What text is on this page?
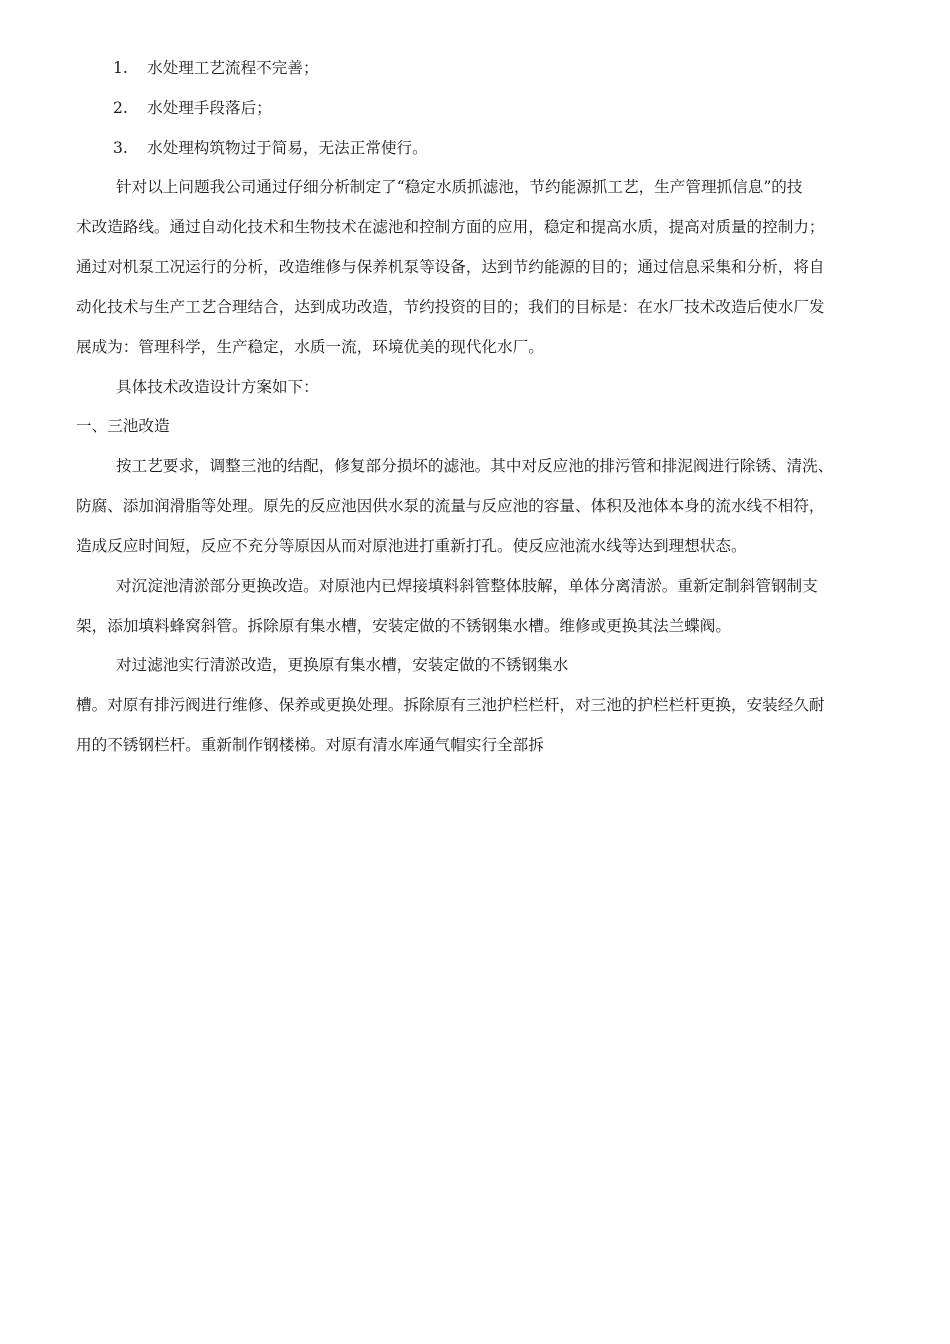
1. 水处理工艺流程不完善；
2. 水处理手段落后；
3. 水处理构筑物过于简易，无法正常使行。
针对以上问题我公司通过仔细分析制定了“稳定水质抓滤池，节约能源抓工艺，生产管理抓信息”的技
术改造路线。通过自动化技术和生物技术在滤池和控制方面的应用，稳定和提高水质，提高对质量的控制力；
通过对机泵工况运行的分析，改造维修与保养机泵等设备，达到节约能源的目的；通过信息采集和分析，将自
动化技术与生产工艺合理结合，达到成功改造，节约投资的目的；我们的目标是：在水厂技术改造后使水厂发
展成为：管理科学，生产稳定，水质一流，环境优美的现代化水厂。
具体技术改造设计方案如下：
一、三池改造
按工艺要求，调整三池的结配，修复部分损坏的滤池。其中对反应池的排污管和排泥阀进行除锈、清洗、
防腐、添加润滑脂等处理。原先的反应池因供水泵的流量与反应池的容量、体积及池体本身的流水线不相符，
造成反应时间短，反应不充分等原因从而对原池进打重新打孔。使反应池流水线等达到理想状态。
对沉淀池清淤部分更换改造。对原池内已焊接填料斜管整体肢解，单体分离清淤。重新定制斜管钢制支
架，添加填料蜂窝斜管。拆除原有集水槽，安装定做的不锈钢集水槽。维修或更换其法兰蝶阀。
对过滤池实行清淤改造，更换原有集水槽，安装定做的不锈钢集水
槽。对原有排污阀进行维修、保养或更换处理。拆除原有三池护栏栏杆，对三池的护栏栏杆更换，安装经久耐
用的不锈钢栏杆。重新制作钢楼梯。对原有清水库通气帽实行全部拆
